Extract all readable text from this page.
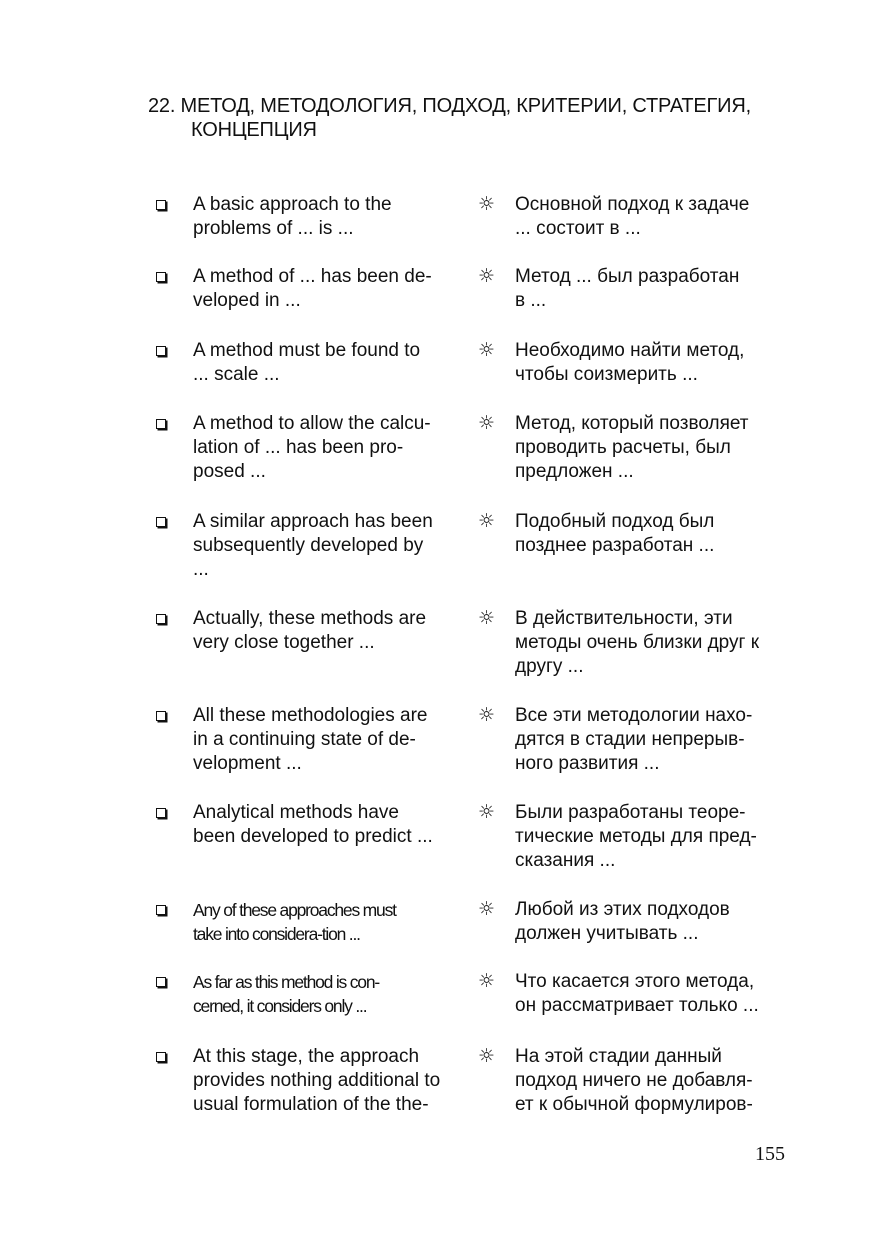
22. МЕТОД, МЕТОДОЛОГИЯ, ПОДХОД, КРИТЕРИИ, СТРАТЕГИЯ,
КОНЦЕПЦИЯ
A basic approach to the
problems of ... is ...
☼ Основной подход к задаче
... состоит в ...
A method of ... has been de-
veloped in ...
☼ Метод ... был разработан
в ...
A method must be found to
... scale ...
☼ Необходимо найти метод,
чтобы соизмерить ...
A method to allow the calcu-
lation of ... has been pro-
posed ...
☼ Метод, который позволяет
проводить расчеты, был
предложен ...
A similar approach has been
subsequently developed by
...
☼ Подобный подход был
позднее разработан ...
Actually, these methods are
very close together ...
☼ В действительности, эти
методы очень близки друг к
другу ...
All these methodologies are
in a continuing state of de-
velopment ...
☼ Все эти методологии нахо-
дятся в стадии непрерыв-
ного развития ...
Analytical methods have
been developed to predict ...
☼ Были разработаны теоре-
тические методы для пред-
сказания ...
Any of these approaches must
take into considera-tion ...
☼ Любой из этих подходов
должен учитывать ...
As far as this method is con-
cerned, it considers only ...
☼ Что касается этого метода,
он рассматривает только ...
At this stage, the approach
provides nothing additional to
usual formulation of the the-
☼ На этой стадии данный
подход ничего не добавля-
ет к обычной формулиров-
155
